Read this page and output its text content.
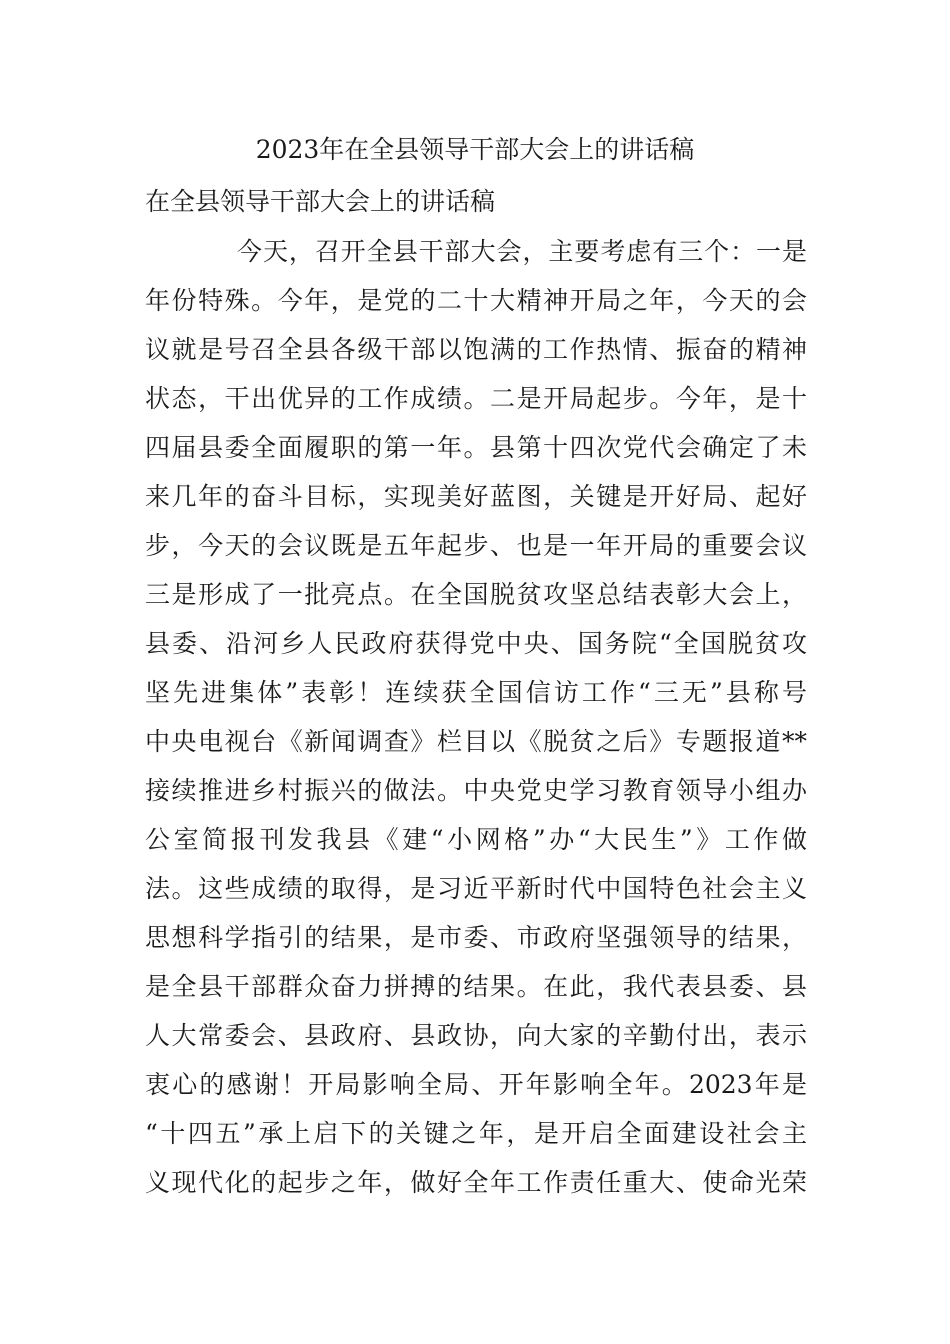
2023年在全县领导干部大会上的讲话稿

在全县领导干部大会上的讲话稿

今天，召开全县干部大会，主要考虑有三个：一是
年份特殊。今年，是党的二十大精神开局之年，今天的会
议就是号召全县各级干部以饱满的工作热情、振奋的精神
状态，干出优异的工作成绩。二是开局起步。今年，是十
四届县委全面履职的第一年。县第十四次党代会确定了未
来几年的奋斗目标，实现美好蓝图，关键是开好局、起好
步，今天的会议既是五年起步、也是一年开局的重要会议
三是形成了一批亮点。在全国脱贫攻坚总结表彰大会上，
县委、沿河乡人民政府获得党中央、国务院“全国脱贫攻
坚先进集体”表彰！连续获全国信访工作“三无”县称号
中央电视台《新闻调查》栏目以《脱贫之后》专题报道**
接续推进乡村振兴的做法。中央党史学习教育领导小组办
公室简报刊发我县《建“小网格”办“大民生”》工作做
法。这些成绩的取得，是习近平新时代中国特色社会主义
思想科学指引的结果，是市委、市政府坚强领导的结果，
是全县干部群众奋力拼搏的结果。在此，我代表县委、县
人大常委会、县政府、县政协，向大家的辛勤付出，表示
衷心的感谢！开局影响全局、开年影响全年。2023年是
“十四五”承上启下的关键之年，是开启全面建设社会主
义现代化的起步之年，做好全年工作责任重大、使命光荣
